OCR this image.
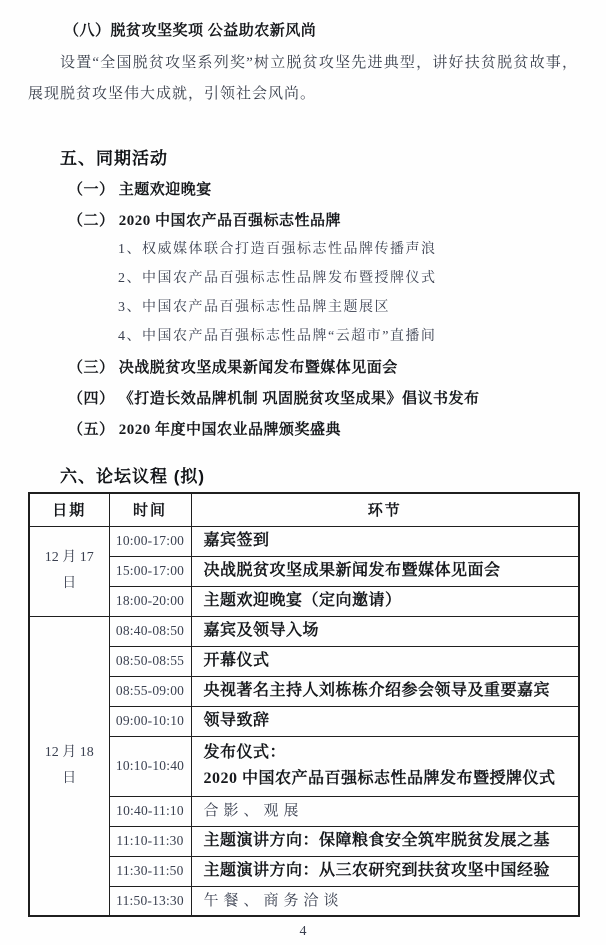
（八）脱贫攻坚奖项 公益助农新风尚

设置“全国脱贫攻坚系列奖”树立脱贫攻坚先进典型，讲好扶贫脱贫故事，展现脱贫攻坚伟大成就，引领社会风尚。

五、同期活动
（一） 主题欢迎晚宴
（二） 2020 中国农产品百强标志性品牌
1、权威媒体联合打造百强标志性品牌传播声浪
2、中国农产品百强标志性品牌发布暨授牌仪式
3、中国农产品百强标志性品牌主题展区
4、中国农产品百强标志性品牌“云超市”直播间
（三） 决战脱贫攻坚成果新闻发布暨媒体见面会
（四） 《打造长效品牌机制 巩固脱贫攻坚成果》倡议书发布
（五） 2020 年度中国农业品牌颁奖盛典
六、论坛议程 (拟)
日期	时间	环节

12 月 17
日	10:00-17:00	嘉宾签到
	15:00-17:00	决战脱贫攻坚成果新闻发布暨媒体见面会
	18:00-20:00	主题欢迎晚宴（定向邀请）

12 月 18
日	08:40-08:50	嘉宾及领导入场
	08:50-08:55	开幕仪式
	08:55-09:00	央视著名主持人刘栋栋介绍参会领导及重要嘉宾
	09:00-10:10	领导致辞
	10:10-10:40	发布仪式：
2020 中国农产品百强标志性品牌发布暨授牌仪式

	10:40-11:10	合影、观展
	11:10-11:30	主题演讲方向：保障粮食安全筑牢脱贫发展之基
	11:30-11:50	主题演讲方向：从三农研究到扶贫攻坚中国经验
	11:50-13:30	午餐、商务洽谈
4
